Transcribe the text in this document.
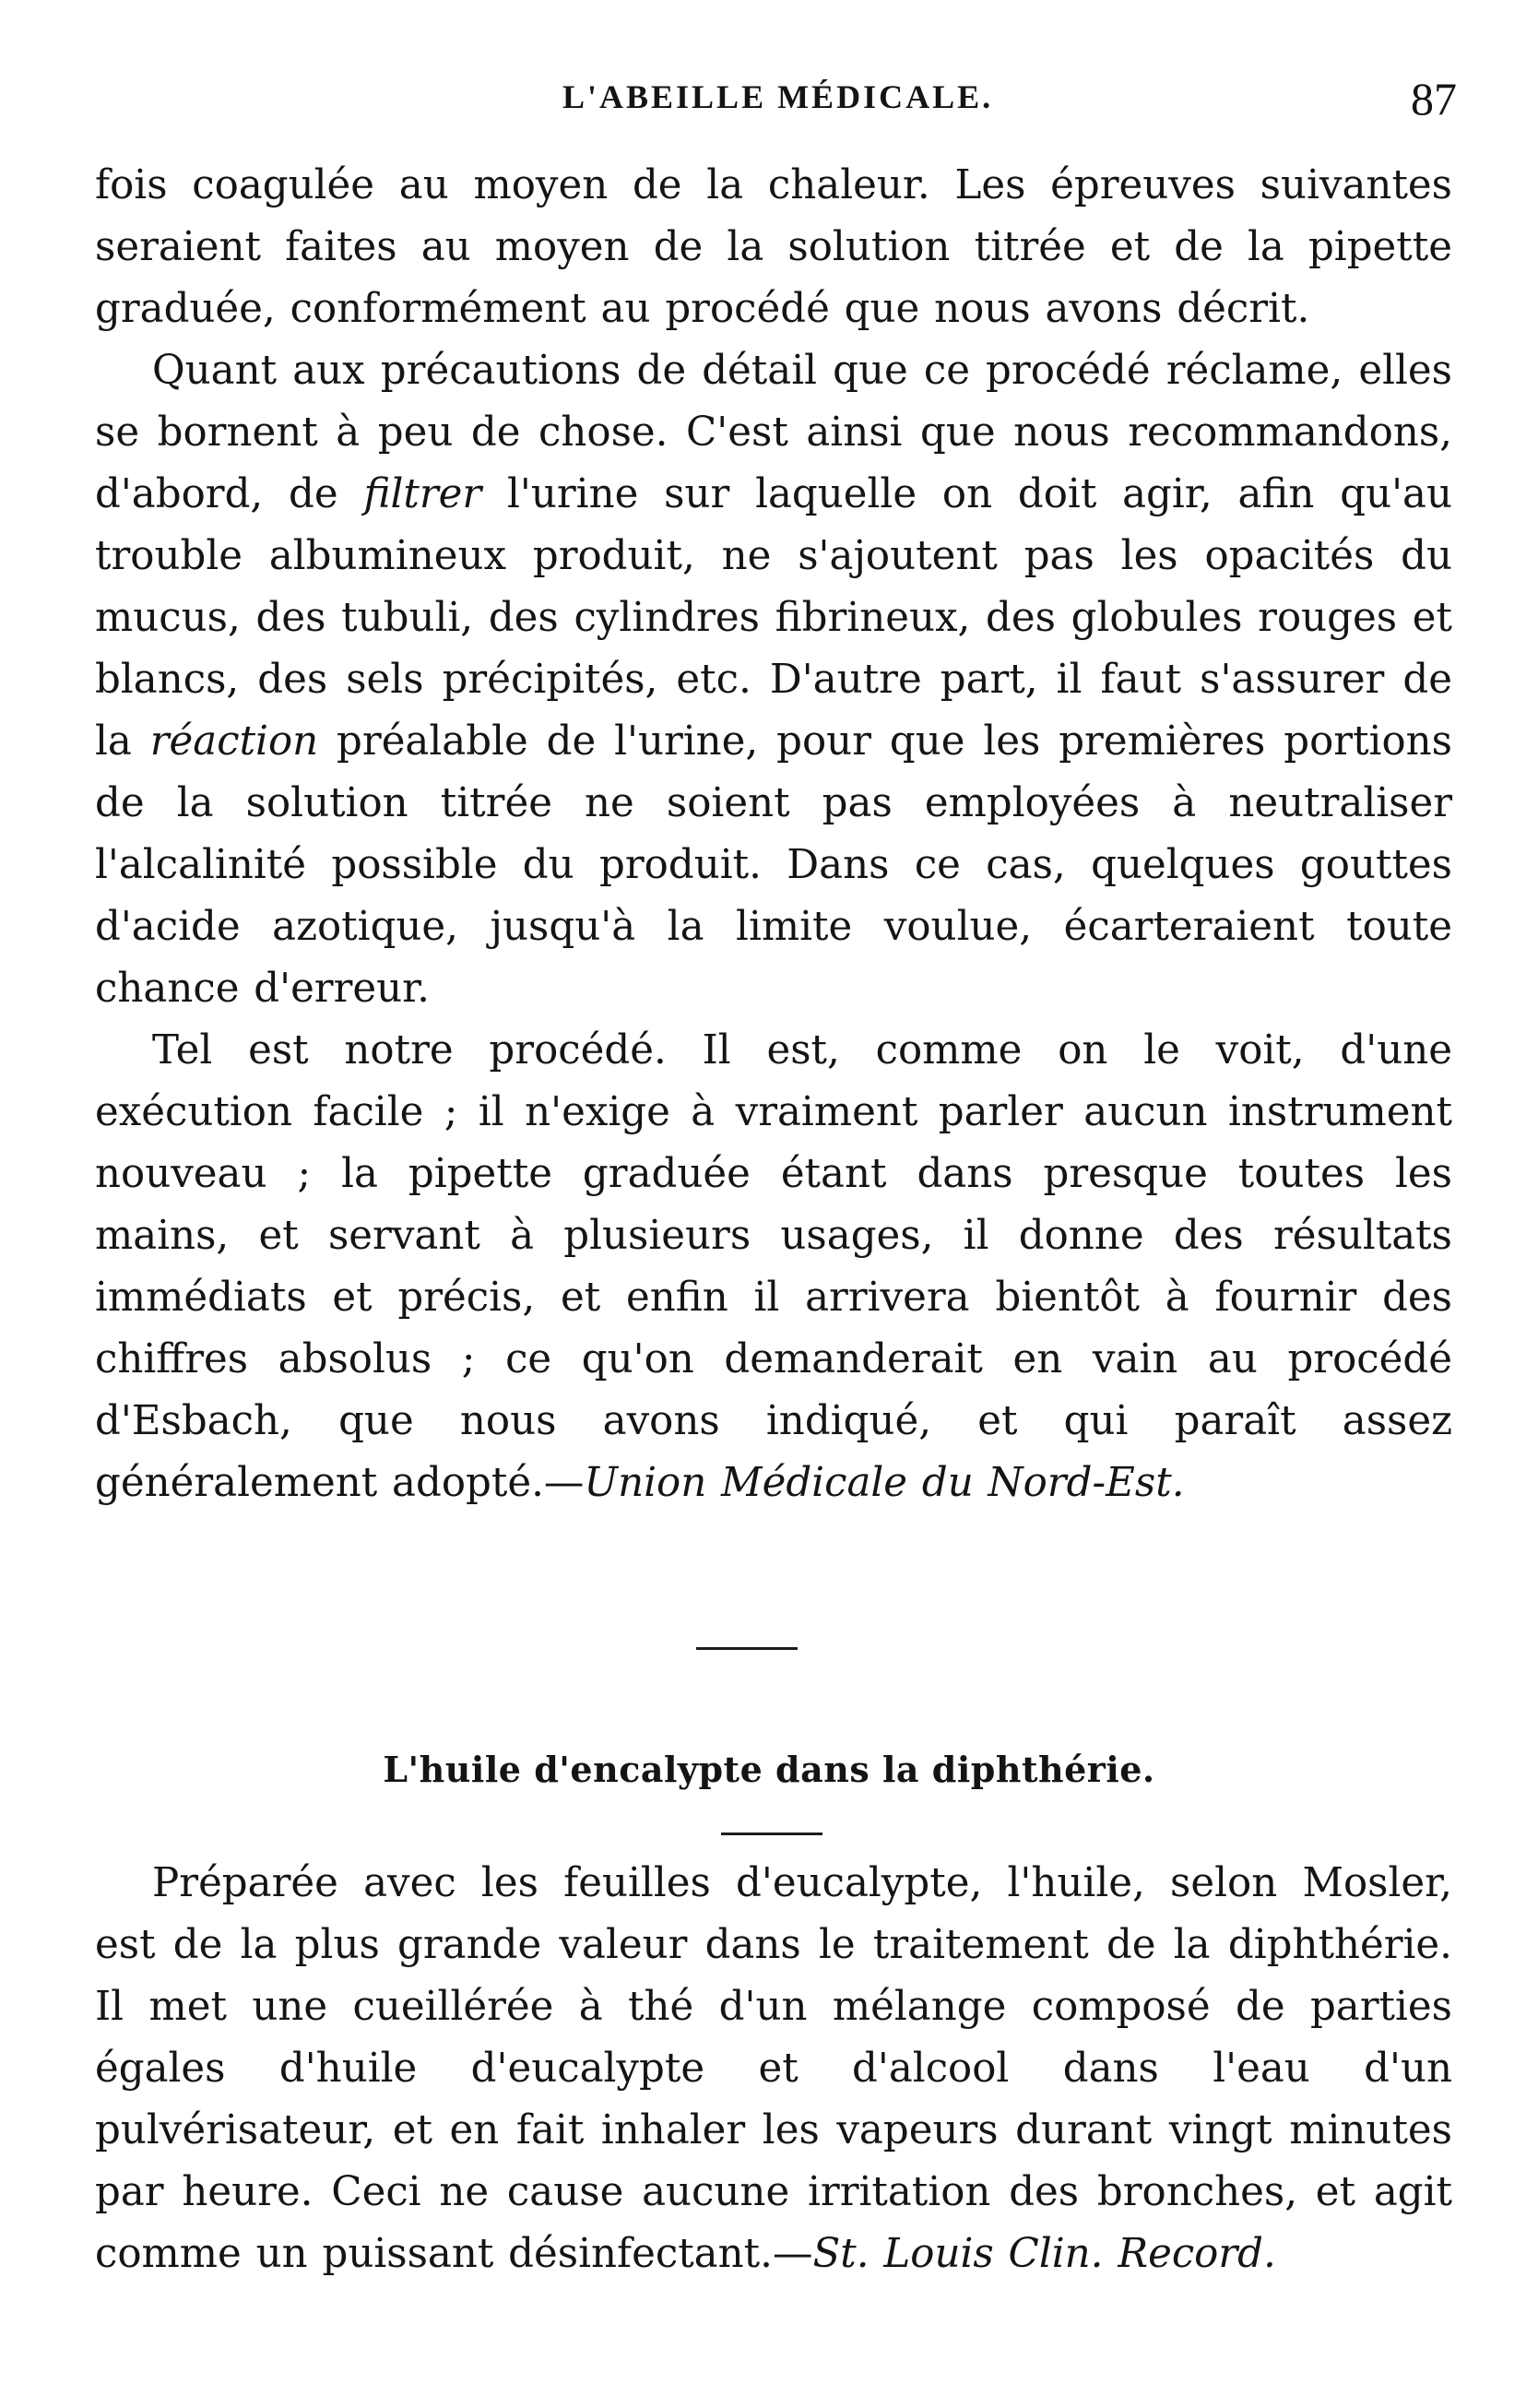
L'ABEILLE MÉDICALE.	87

fois coagulée au moyen de la chaleur. Les épreuves suivantes seraient faites au moyen de la solution titrée et de la pipette graduée, conformément au procédé que nous avons décrit.

Quant aux précautions de détail que ce procédé réclame, elles se bornent à peu de chose. C'est ainsi que nous recommandons, d'abord, de filtrer l'urine sur laquelle on doit agir, afin qu'au trouble albumineux produit, ne s'ajoutent pas les opacités du mucus, des tubuli, des cylindres fibrineux, des globules rouges et blancs, des sels précipités, etc. D'autre part, il faut s'assurer de la réaction préalable de l'urine, pour que les premières portions de la solution titrée ne soient pas employées à neutraliser l'alcalinité possible du produit. Dans ce cas, quelques gouttes d'acide azotique, jusqu'à la limite voulue, écarteraient toute chance d'erreur.

Tel est notre procédé. Il est, comme on le voit, d'une exécution facile ; il n'exige à vraiment parler aucun instrument nouveau ; la pipette graduée étant dans presque toutes les mains, et servant à plusieurs usages, il donne des résultats immédiats et précis, et enfin il arrivera bientôt à fournir des chiffres absolus ; ce qu'on demanderait en vain au procédé d'Esbach, que nous avons indiqué, et qui paraît assez généralement adopté.—Union Médicale du Nord-Est.

L'huile d'encalypte dans la diphthérie.

Préparée avec les feuilles d'eucalypte, l'huile, selon Mosler, est de la plus grande valeur dans le traitement de la diphthérie. Il met une cueillérée à thé d'un mélange composé de parties égales d'huile d'eucalypte et d'alcool dans l'eau d'un pulvérisateur, et en fait inhaler les vapeurs durant vingt minutes par heure. Ceci ne cause aucune irritation des bronches, et agit comme un puissant désinfectant.—St. Louis Clin. Record.
